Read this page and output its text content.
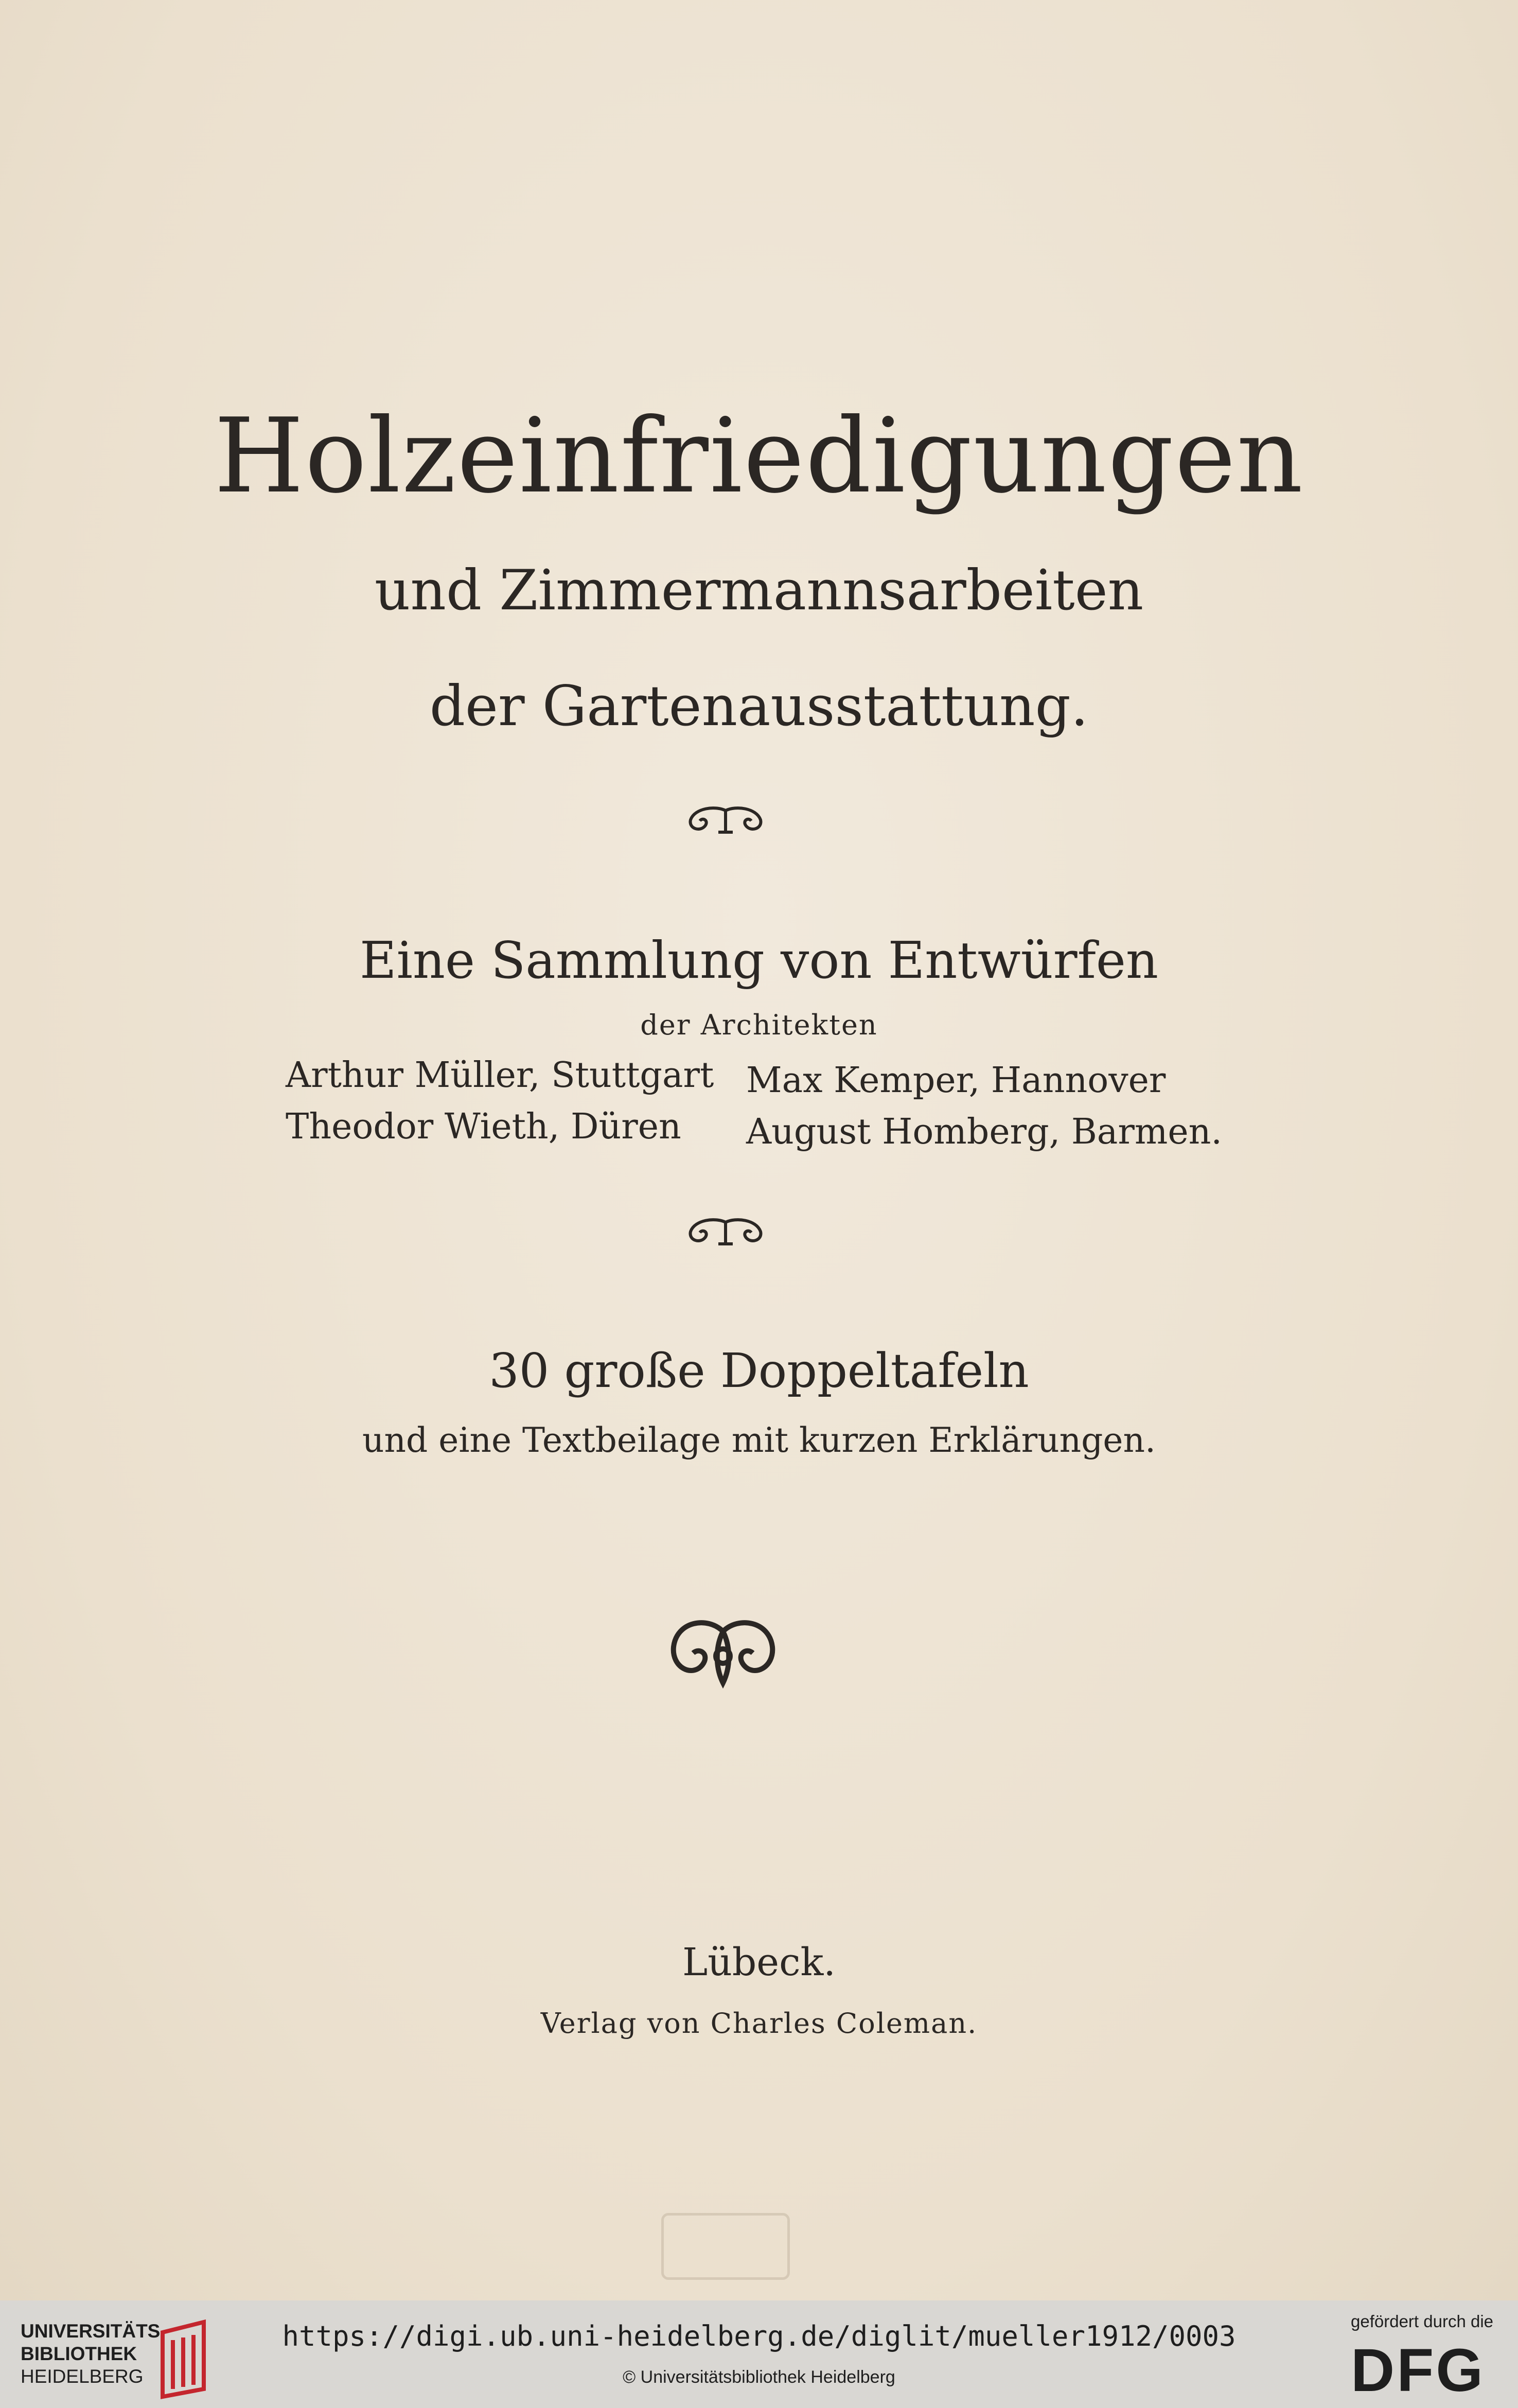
Holzeinfriedigungen
und Zimmermannsarbeiten
der Gartenausstattung.
Eine Sammlung von Entwürfen
der Architekten
Arthur Müller, Stuttgart Max Kemper, Hannover
Theodor Wieth, Düren August Homberg, Barmen.
30 große Doppeltafeln
und eine Textbeilage mit kurzen Erklärungen.
Lübeck.
Verlag von Charles Coleman.
UNIVERSITÄTS-
BIBLIOTHEK
HEIDELBERG
https://digi.ub.uni-heidelberg.de/diglit/mueller1912/0003
© Universitätsbibliothek Heidelberg
gefördert durch die
DFG
